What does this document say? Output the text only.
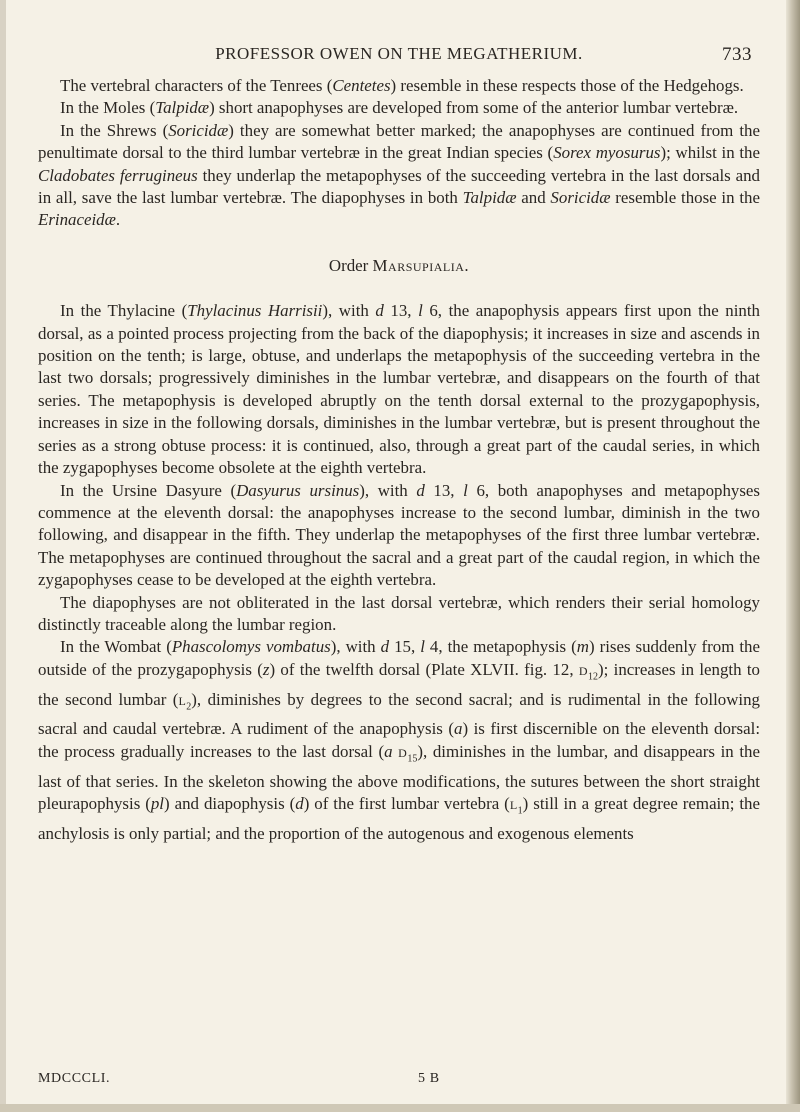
PROFESSOR OWEN ON THE MEGATHERIUM.	733

The vertebral characters of the Tenrees (Centetes) resemble in these respects those of the Hedgehogs.

In the Moles (Talpidæ) short anapophyses are developed from some of the anterior lumbar vertebræ.

In the Shrews (Soricidæ) they are somewhat better marked; the anapophyses are continued from the penultimate dorsal to the third lumbar vertebræ in the great Indian species (Sorex myosurus); whilst in the Cladobates ferrugineus they underlap the metapophyses of the succeeding vertebra in the last dorsals and in all, save the last lumbar vertebræ. The diapophyses in both Talpidæ and Soricidæ resemble those in the Erinaceidæ.

Order Marsupialia.

In the Thylacine (Thylacinus Harrisii), with d 13, l 6, the anapophysis appears first upon the ninth dorsal, as a pointed process projecting from the back of the diapophysis; it increases in size and ascends in position on the tenth; is large, obtuse, and underlaps the metapophysis of the succeeding vertebra in the last two dorsals; progressively diminishes in the lumbar vertebræ, and disappears on the fourth of that series. The metapophysis is developed abruptly on the tenth dorsal external to the prozygapophysis, increases in size in the following dorsals, diminishes in the lumbar vertebræ, but is present throughout the series as a strong obtuse process: it is continued, also, through a great part of the caudal series, in which the zygapophyses become obsolete at the eighth vertebra.

In the Ursine Dasyure (Dasyurus ursinus), with d 13, l 6, both anapophyses and metapophyses commence at the eleventh dorsal: the anapophyses increase to the second lumbar, diminish in the two following, and disappear in the fifth. They underlap the metapophyses of the first three lumbar vertebræ. The metapophyses are continued throughout the sacral and a great part of the caudal region, in which the zygapophyses cease to be developed at the eighth vertebra.

The diapophyses are not obliterated in the last dorsal vertebræ, which renders their serial homology distinctly traceable along the lumbar region.

In the Wombat (Phascolomys vombatus), with d 15, l 4, the metapophysis (m) rises suddenly from the outside of the prozygapophysis (z) of the twelfth dorsal (Plate XLVII. fig. 12, $d_{12}$); increases in length to the second lumbar $(l_2)$, diminishes by degrees to the second sacral; and is rudimental in the following sacral and caudal vertebræ. A rudiment of the anapophysis (a) is first discernible on the eleventh dorsal: the process gradually increases to the last dorsal (a $d_{15}$), diminishes in the lumbar, and disappears in the last of that series. In the skeleton showing the above modifications, the sutures between the short straight pleurapophysis (pl) and diapophysis (d) of the first lumbar vertebra $(l_1)$ still in a great degree remain; the anchylosis is only partial; and the proportion of the autogenous and exogenous elements

MDCCCLI.	5 B
